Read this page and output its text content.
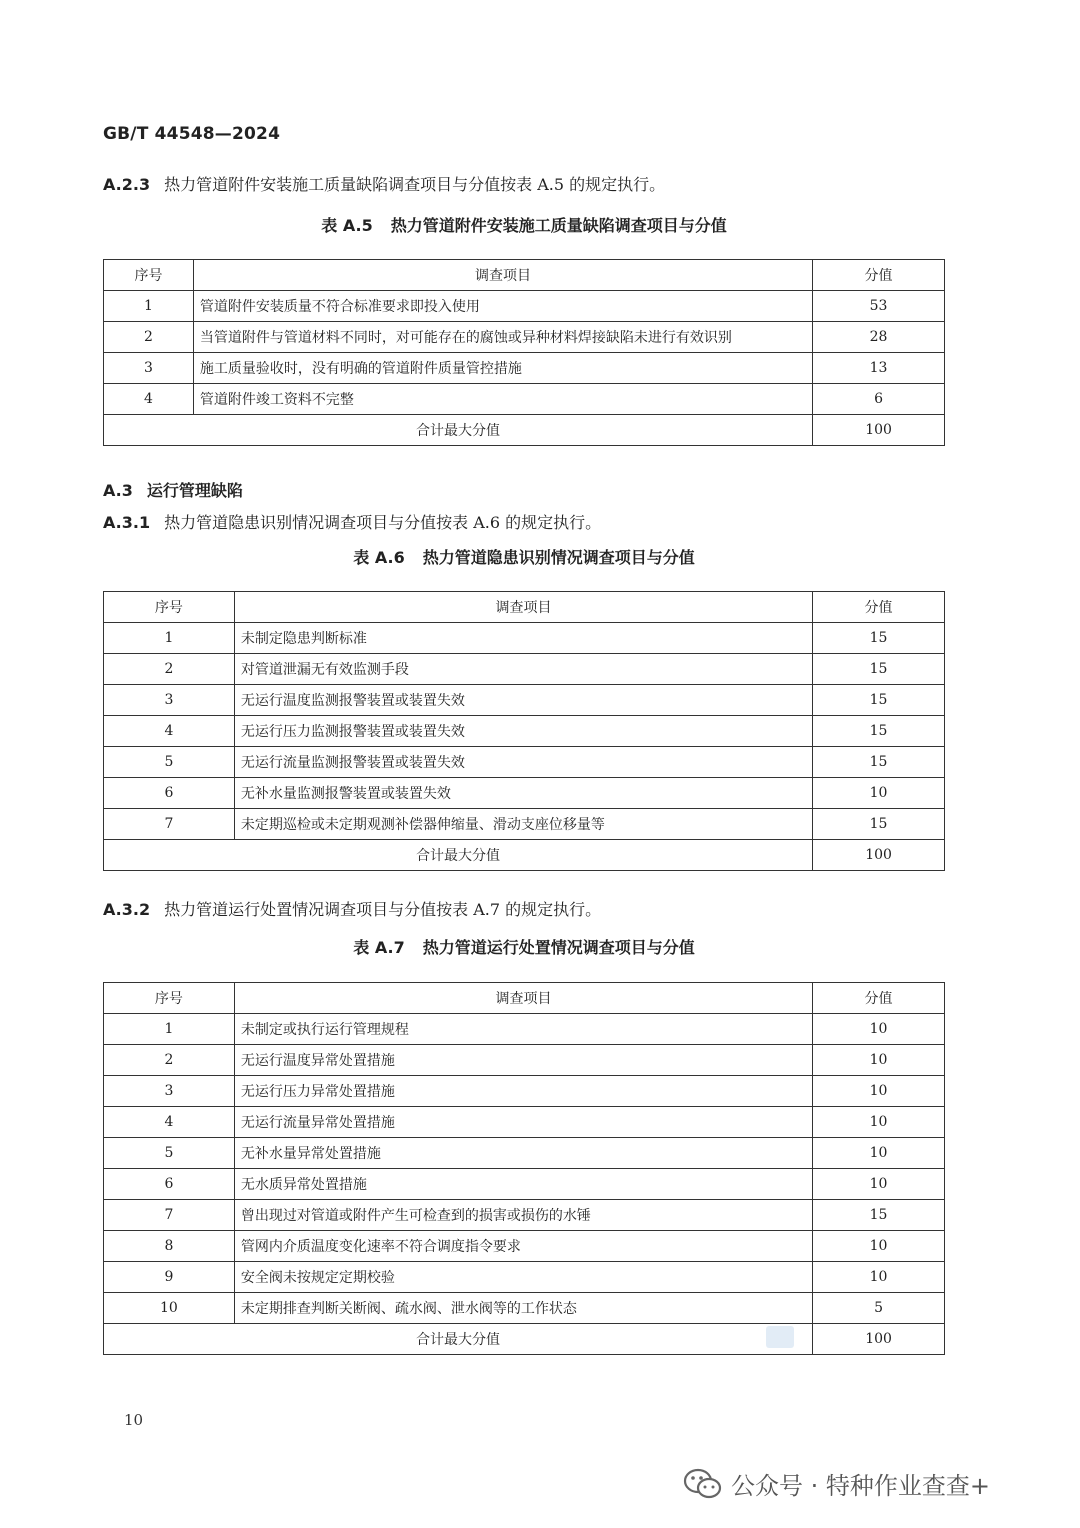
GB/T 44548—2024
A.2.3 热力管道附件安装施工质量缺陷调查项目与分值按表 A.5 的规定执行。
表 A.5 热力管道附件安装施工质量缺陷调查项目与分值
序号	调查项目	分值
1	管道附件安装质量不符合标准要求即投入使用	53
2	当管道附件与管道材料不同时，对可能存在的腐蚀或异种材料焊接缺陷未进行有效识别	28
3	施工质量验收时，没有明确的管道附件质量管控措施	13
4	管道附件竣工资料不完整	6
合计最大分值		100
A.3 运行管理缺陷
A.3.1 热力管道隐患识别情况调查项目与分值按表 A.6 的规定执行。
表 A.6 热力管道隐患识别情况调查项目与分值
序号	调查项目	分值
1	未制定隐患判断标准	15
2	对管道泄漏无有效监测手段	15
3	无运行温度监测报警装置或装置失效	15
4	无运行压力监测报警装置或装置失效	15
5	无运行流量监测报警装置或装置失效	15
6	无补水量监测报警装置或装置失效	10
7	未定期巡检或未定期观测补偿器伸缩量、滑动支座位移量等	15
合计最大分值		100
A.3.2 热力管道运行处置情况调查项目与分值按表 A.7 的规定执行。
表 A.7 热力管道运行处置情况调查项目与分值
序号	调查项目	分值
1	未制定或执行运行管理规程	10
2	无运行温度异常处置措施	10
3	无运行压力异常处置措施	10
4	无运行流量异常处置措施	10
5	无补水量异常处置措施	10
6	无水质异常处置措施	10
7	曾出现过对管道或附件产生可检查到的损害或损伤的水锤	15
8	管网内介质温度变化速率不符合调度指令要求	10
9	安全阀未按规定定期校验	10
10	未定期排查判断关断阀、疏水阀、泄水阀等的工作状态	5
合计最大分值		100
10
公众号 · 特种作业查查+
